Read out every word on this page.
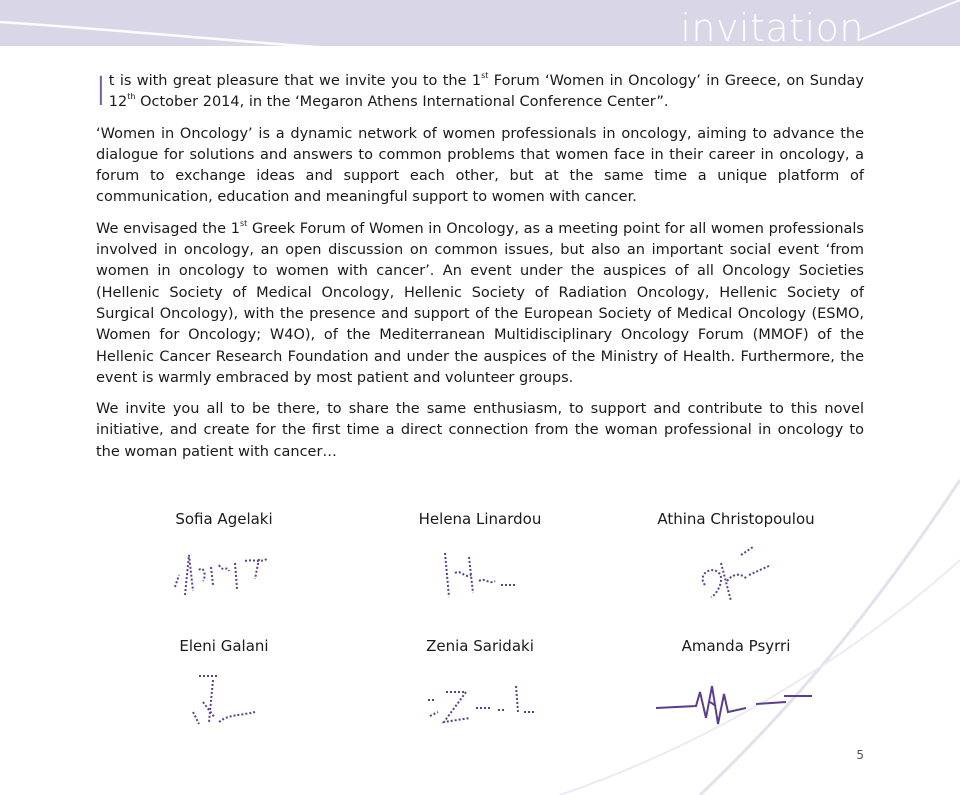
invitation

It is with great pleasure that we invite you to the 1st Forum ‘Women in Oncology’ in Greece, on Sunday 12th October 2014, in the ‘Megaron Athens International Conference Center”.

‘Women in Oncology’ is a dynamic network of women professionals in oncology, aiming to advance the dialogue for solutions and answers to common problems that women face in their career in oncology, a forum to exchange ideas and support each other, but at the same time a unique platform of communication, education and meaningful support to women with cancer.

We envisaged the 1st Greek Forum of Women in Oncology, as a meeting point for all women professionals involved in oncology, an open discussion on common issues, but also an important social event ‘from women in oncology to women with cancer’. An event under the auspices of all Oncology Societies (Hellenic Society of Medical Oncology, Hellenic Society of Radiation Oncology, Hellenic Society of Surgical Oncology), with the presence and support of the European Society of Medical Oncology (ESMO, Women for Oncology; W4O), of the Mediterranean Multidisciplinary Oncology Forum (MMOF) of the Hellenic Cancer Research Foundation and under the auspices of the Ministry of Health. Furthermore, the event is warmly embraced by most patient and volunteer groups.

We invite you all to be there, to share the same enthusiasm, to support and contribute to this novel initiative, and create for the first time a direct connection from the woman professional in oncology to the woman patient with cancer…

Sofia Agelaki	Helena Linardou	Athina Christopoulou
Eleni Galani	Zenia Saridaki	Amanda Psyrri
5
